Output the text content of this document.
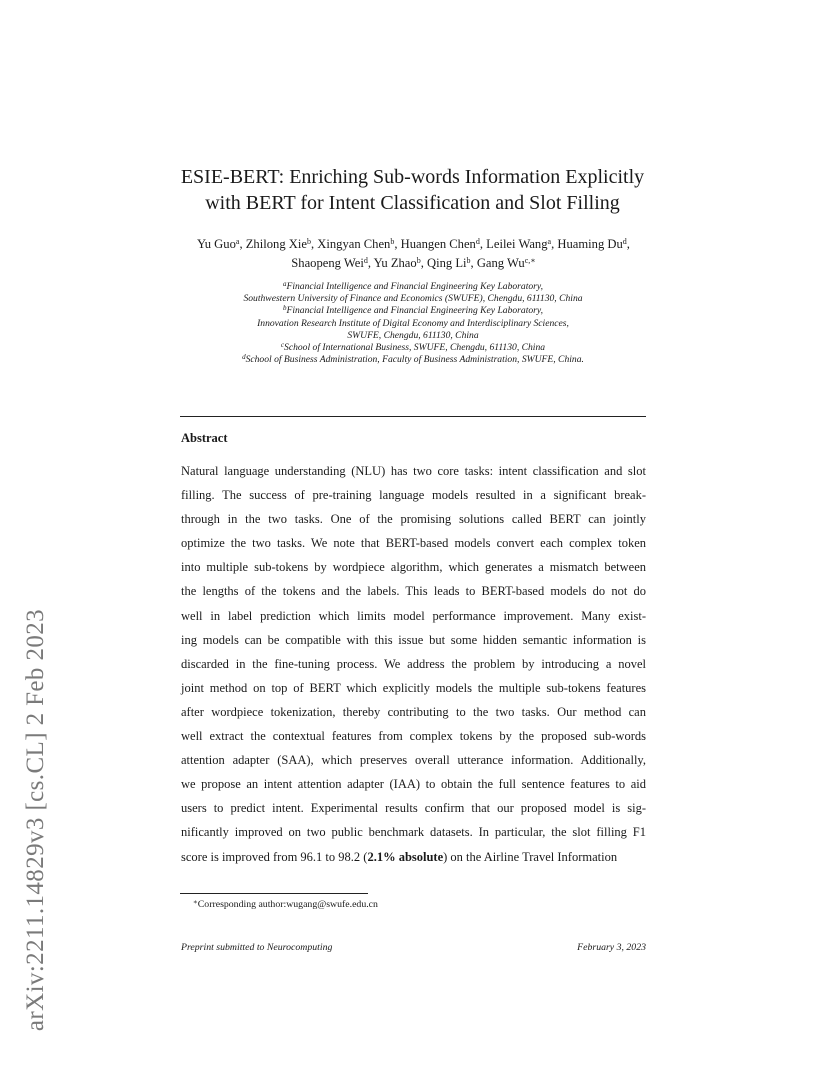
arXiv:2211.14829v3 [cs.CL] 2 Feb 2023
ESIE-BERT: Enriching Sub-words Information Explicitly
with BERT for Intent Classification and Slot Filling
Yu Guo$^a$, Zhilong Xie$^b$, Xingyan Chen$^b$, Huangen Chen$^d$, Leilei Wang$^a$, Huaming Du$^d$, Shaopeng Wei$^d$, Yu Zhao$^b$, Qing Li$^b$, Gang $Wu^{c,∗}$
$^a$Financial Intelligence and Financial Engineering Key Laboratory,
Southwestern University of Finance and Economics (SWUFE), Chengdu, 611130, China
$^b$Financial Intelligence and Financial Engineering Key Laboratory,
Innovation Research Institute of Digital Economy and Interdisciplinary Sciences,
SWUFE, Chengdu, 611130, China
$^c$School of International Business, SWUFE, Chengdu, 611130, China
$^d$School of Business Administration, Faculty of Business Administration, SWUFE, China.
Abstract
Natural language understanding (NLU) has two core tasks: intent classification and slot
filling. The success of pre-training language models resulted in a significant break-
through in the two tasks. One of the promising solutions called BERT can jointly
optimize the two tasks. We note that BERT-based models convert each complex token
into multiple sub-tokens by wordpiece algorithm, which generates a mismatch between
the lengths of the tokens and the labels. This leads to BERT-based models do not do
well in label prediction which limits model performance improvement. Many exist-
ing models can be compatible with this issue but some hidden semantic information is
discarded in the fine-tuning process. We address the problem by introducing a novel
joint method on top of BERT which explicitly models the multiple sub-tokens features
after wordpiece tokenization, thereby contributing to the two tasks. Our method can
well extract the contextual features from complex tokens by the proposed sub-words
attention adapter (SAA), which preserves overall utterance information. Additionally,
we propose an intent attention adapter (IAA) to obtain the full sentence features to aid
users to predict intent. Experimental results confirm that our proposed model is sig-
nificantly improved on two public benchmark datasets. In particular, the slot filling F1
score is improved from 96.1 to 98.2 (2.1% absolute) on the Airline Travel Information
∗Corresponding author:wugang@swufe.edu.cn
Preprint submitted to Neurocomputing	February 3, 2023
